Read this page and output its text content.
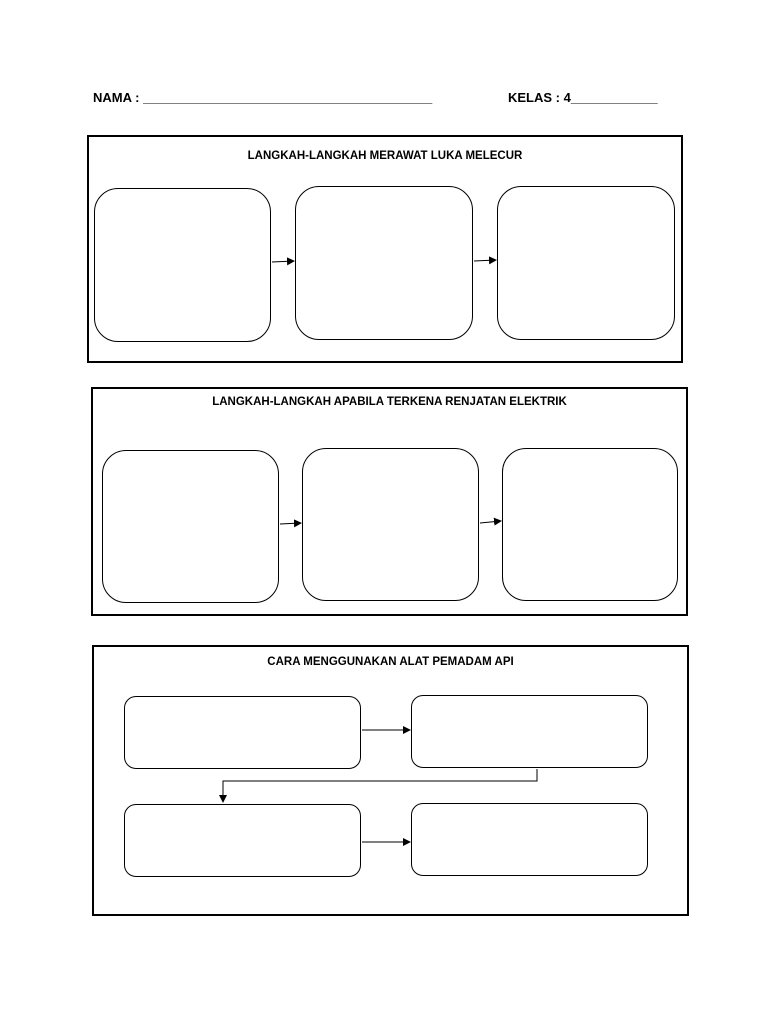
NAMA : ________________________________________	KELAS : 4____________
LANGKAH-LANGKAH MERAWAT LUKA MELECUR
LANGKAH-LANGKAH APABILA TERKENA RENJATAN ELEKTRIK
CARA MENGGUNAKAN ALAT PEMADAM API
